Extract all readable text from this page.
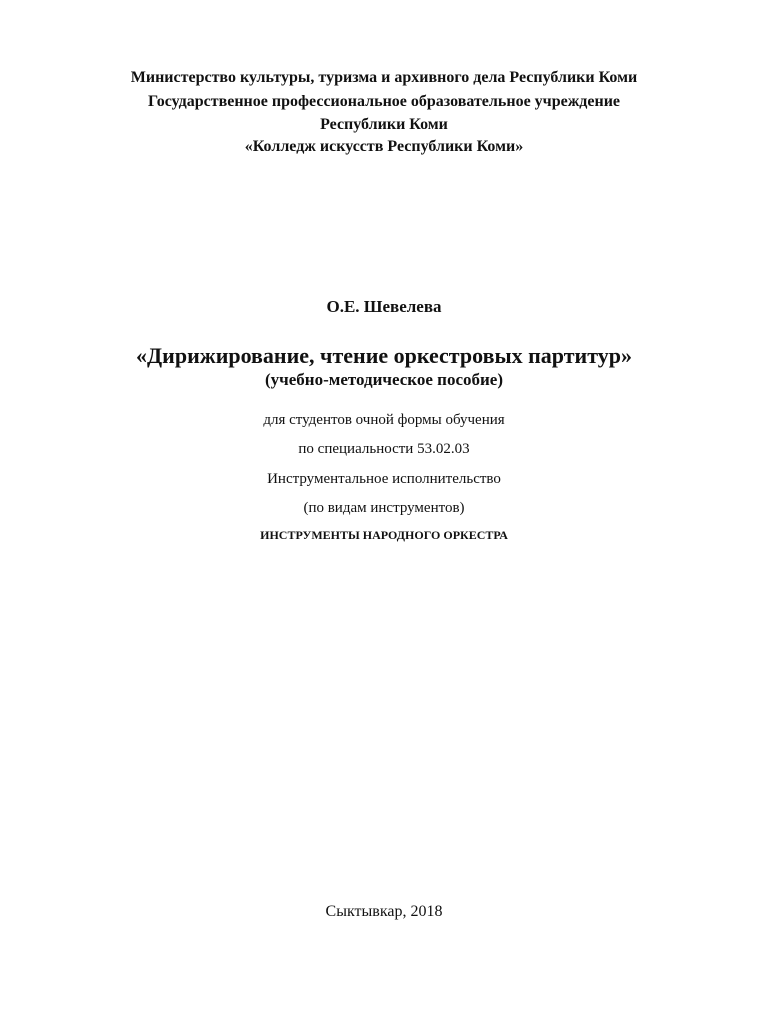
Министерство культуры, туризма и архивного дела Республики Коми
Государственное профессиональное образовательное учреждение
Республики Коми
«Колледж искусств Республики Коми»
О.Е. Шевелева
«Дирижирование, чтение оркестровых партитур»
(учебно-методическое пособие)
для студентов очной формы обучения
по специальности 53.02.03
Инструментальное исполнительство
(по видам инструментов)
ИНСТРУМЕНТЫ НАРОДНОГО ОРКЕСТРА
Сыктывкар, 2018
